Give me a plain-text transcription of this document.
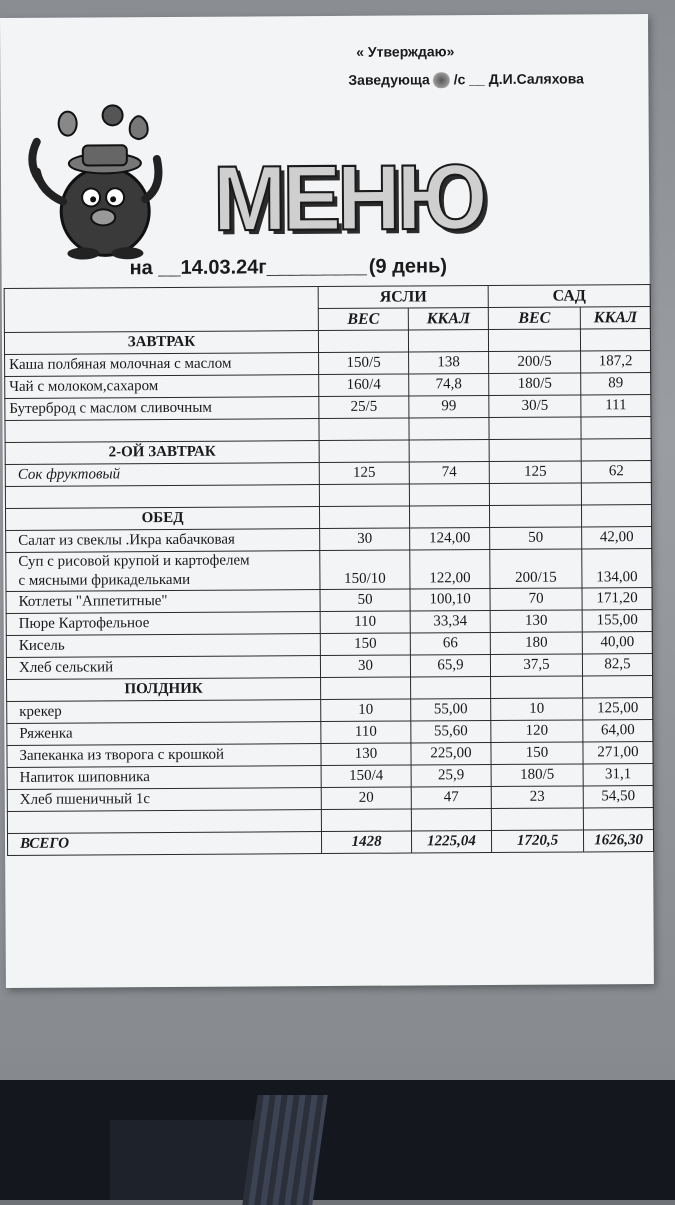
« Утверждаю»
Заведующа /с __ Д.И.Саляхова
МЕНЮ
на __14.03.24г_________(9 день)
	ЯСЛИ		САД	
	ВЕС	ККАЛ	ВЕС	ККАЛ
ЗАВТРАК				
Каша полбяная молочная с маслом	150/5	138	200/5	187,2
Чай с молоком,сахаром	160/4	74,8	180/5	89
Бутерброд с маслом сливочным	25/5	99	30/5	111

2-ОЙ ЗАВТРАК				
Сок фруктовый	125	74	125	62

ОБЕД				
Салат из свеклы .Икра кабачковая	30	124,00	50	42,00

Суп с рисовой крупой и картофелем
с мясными фрикадельками	150/10	122,00	200/15	134,00
Котлеты "Аппетитные"	50	100,10	70	171,20
Пюре Картофельное	110	33,34	130	155,00
Кисель	150	66	180	40,00
Хлеб сельский	30	65,9	37,5	82,5
ПОЛДНИК				
крекер	10	55,00	10	125,00
Ряженка	110	55,60	120	64,00
Запеканка из творога с крошкой	130	225,00	150	271,00
Напиток шиповника	150/4	25,9	180/5	31,1
Хлеб пшеничный 1с	20	47	23	54,50

ВСЕГО	1428	1225,04	1720,5	1626,30
